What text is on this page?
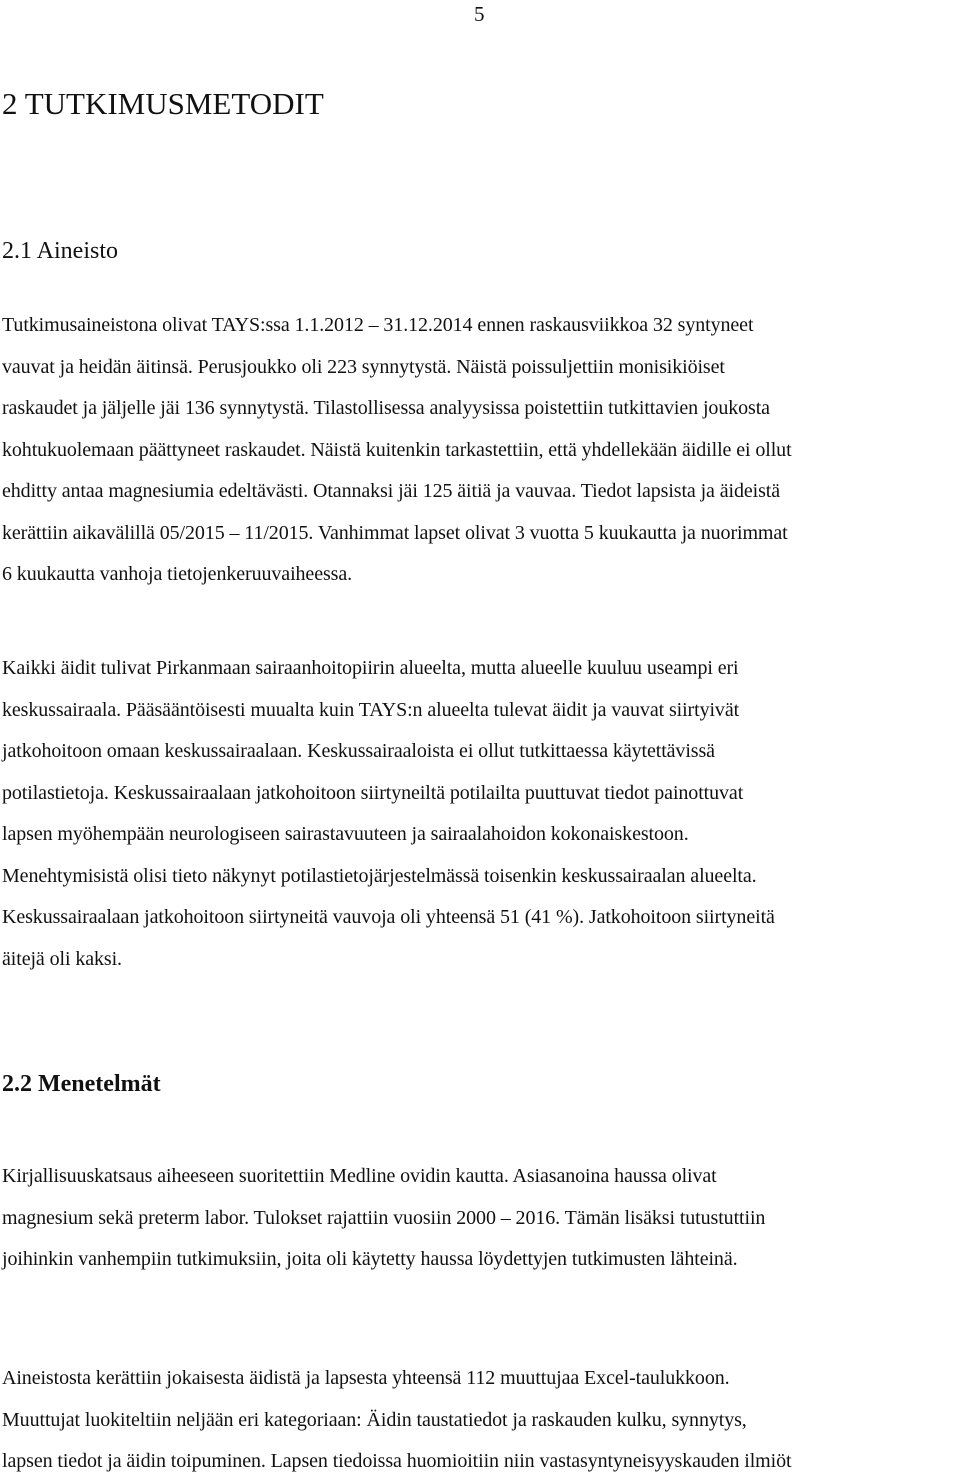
5
2 TUTKIMUSMETODIT
2.1 Aineisto
Tutkimusaineistona olivat TAYS:ssa 1.1.2012 – 31.12.2014 ennen raskausviikkoa 32 syntyneet
vauvat ja heidän äitinsä. Perusjoukko oli 223 synnytystä. Näistä poissuljettiin monisikiöiset
raskaudet ja jäljelle jäi 136 synnytystä. Tilastollisessa analyysissa poistettiin tutkittavien joukosta
kohtukuolemaan päättyneet raskaudet. Näistä kuitenkin tarkastettiin, että yhdellekään äidille ei ollut
ehditty antaa magnesiumia edeltävästi. Otannaksi jäi 125 äitiä ja vauvaa. Tiedot lapsista ja äideistä
kerättiin aikavälillä 05/2015 – 11/2015. Vanhimmat lapset olivat 3 vuotta 5 kuukautta ja nuorimmat
6 kuukautta vanhoja tietojenkeruuvaiheessa.
Kaikki äidit tulivat Pirkanmaan sairaanhoitopiirin alueelta, mutta alueelle kuuluu useampi eri
keskussairaala. Pääsääntöisesti muualta kuin TAYS:n alueelta tulevat äidit ja vauvat siirtyivät
jatkohoitoon omaan keskussairaalaan. Keskussairaaloista ei ollut tutkittaessa käytettävissä
potilastietoja. Keskussairaalaan jatkohoitoon siirtyneiltä potilailta puuttuvat tiedot painottuvat
lapsen myöhempään neurologiseen sairastavuuteen ja sairaalahoidon kokonaiskestoon.
Menehtymisistä olisi tieto näkynyt potilastietojärjestelmässä toisenkin keskussairaalan alueelta.
Keskussairaalaan jatkohoitoon siirtyneitä vauvoja oli yhteensä 51 (41 %). Jatkohoitoon siirtyneitä
äitejä oli kaksi.
2.2 Menetelmät
Kirjallisuuskatsaus aiheeseen suoritettiin Medline ovidin kautta. Asiasanoina haussa olivat
magnesium sekä preterm labor. Tulokset rajattiin vuosiin 2000 – 2016. Tämän lisäksi tutustuttiin
joihinkin vanhempiin tutkimuksiin, joita oli käytetty haussa löydettyjen tutkimusten lähteinä.
Aineistosta kerättiin jokaisesta äidistä ja lapsesta yhteensä 112 muuttujaa Excel-taulukkoon.
Muuttujat luokiteltiin neljään eri kategoriaan: Äidin taustatiedot ja raskauden kulku, synnytys,
lapsen tiedot ja äidin toipuminen. Lapsen tiedoissa huomioitiin niin vastasyntyneisyyskauden ilmiöt
